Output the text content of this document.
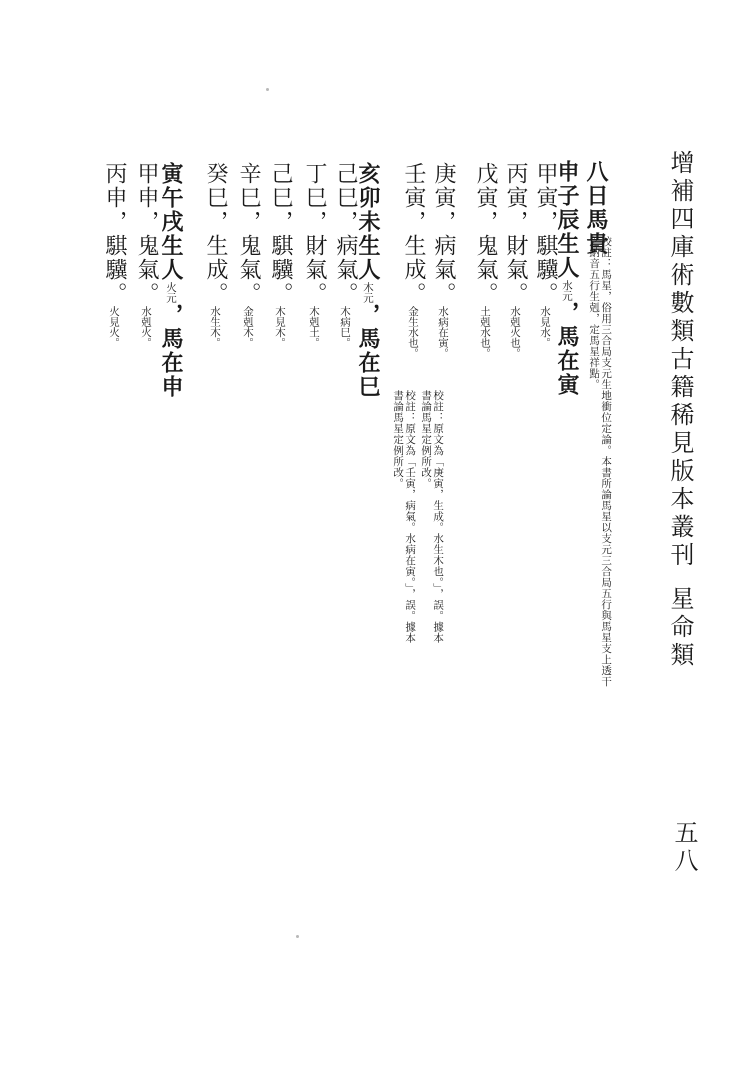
增補四庫術數類古籍稀見版本叢刊星命類
八日馬貴
校註：馬星，俗用三合局支元生地衝位定論。本書所論馬星以支元三合局五行與馬星支上透干之納音五行生剋，定馬星祥點。
申子辰生人水元，馬在寅
甲寅，騏驥。水見水。
丙寅，財氣。水剋火也。
戊寅，鬼氣。土剋水也。
庚寅，病氣。水病在寅。
壬寅，生成。金生水也。
校註：原文為「庚寅，生成。水生木也。」，誤。據本書論馬星定例所改。
校註：原文為「壬寅，病氣。水病在寅。」，誤。據本書論馬星定例所改。
亥卯未生人木元，馬在巳
己巳，病氣。木病巳。
丁巳，財氣。木剋土。
己巳，騏驥。木見木。
辛巳，鬼氣。金剋木。
癸巳，生成。水生木。
寅午戌生人火元，馬在申
甲申，鬼氣。水剋火。
丙申，騏驥。火見火。
五八
